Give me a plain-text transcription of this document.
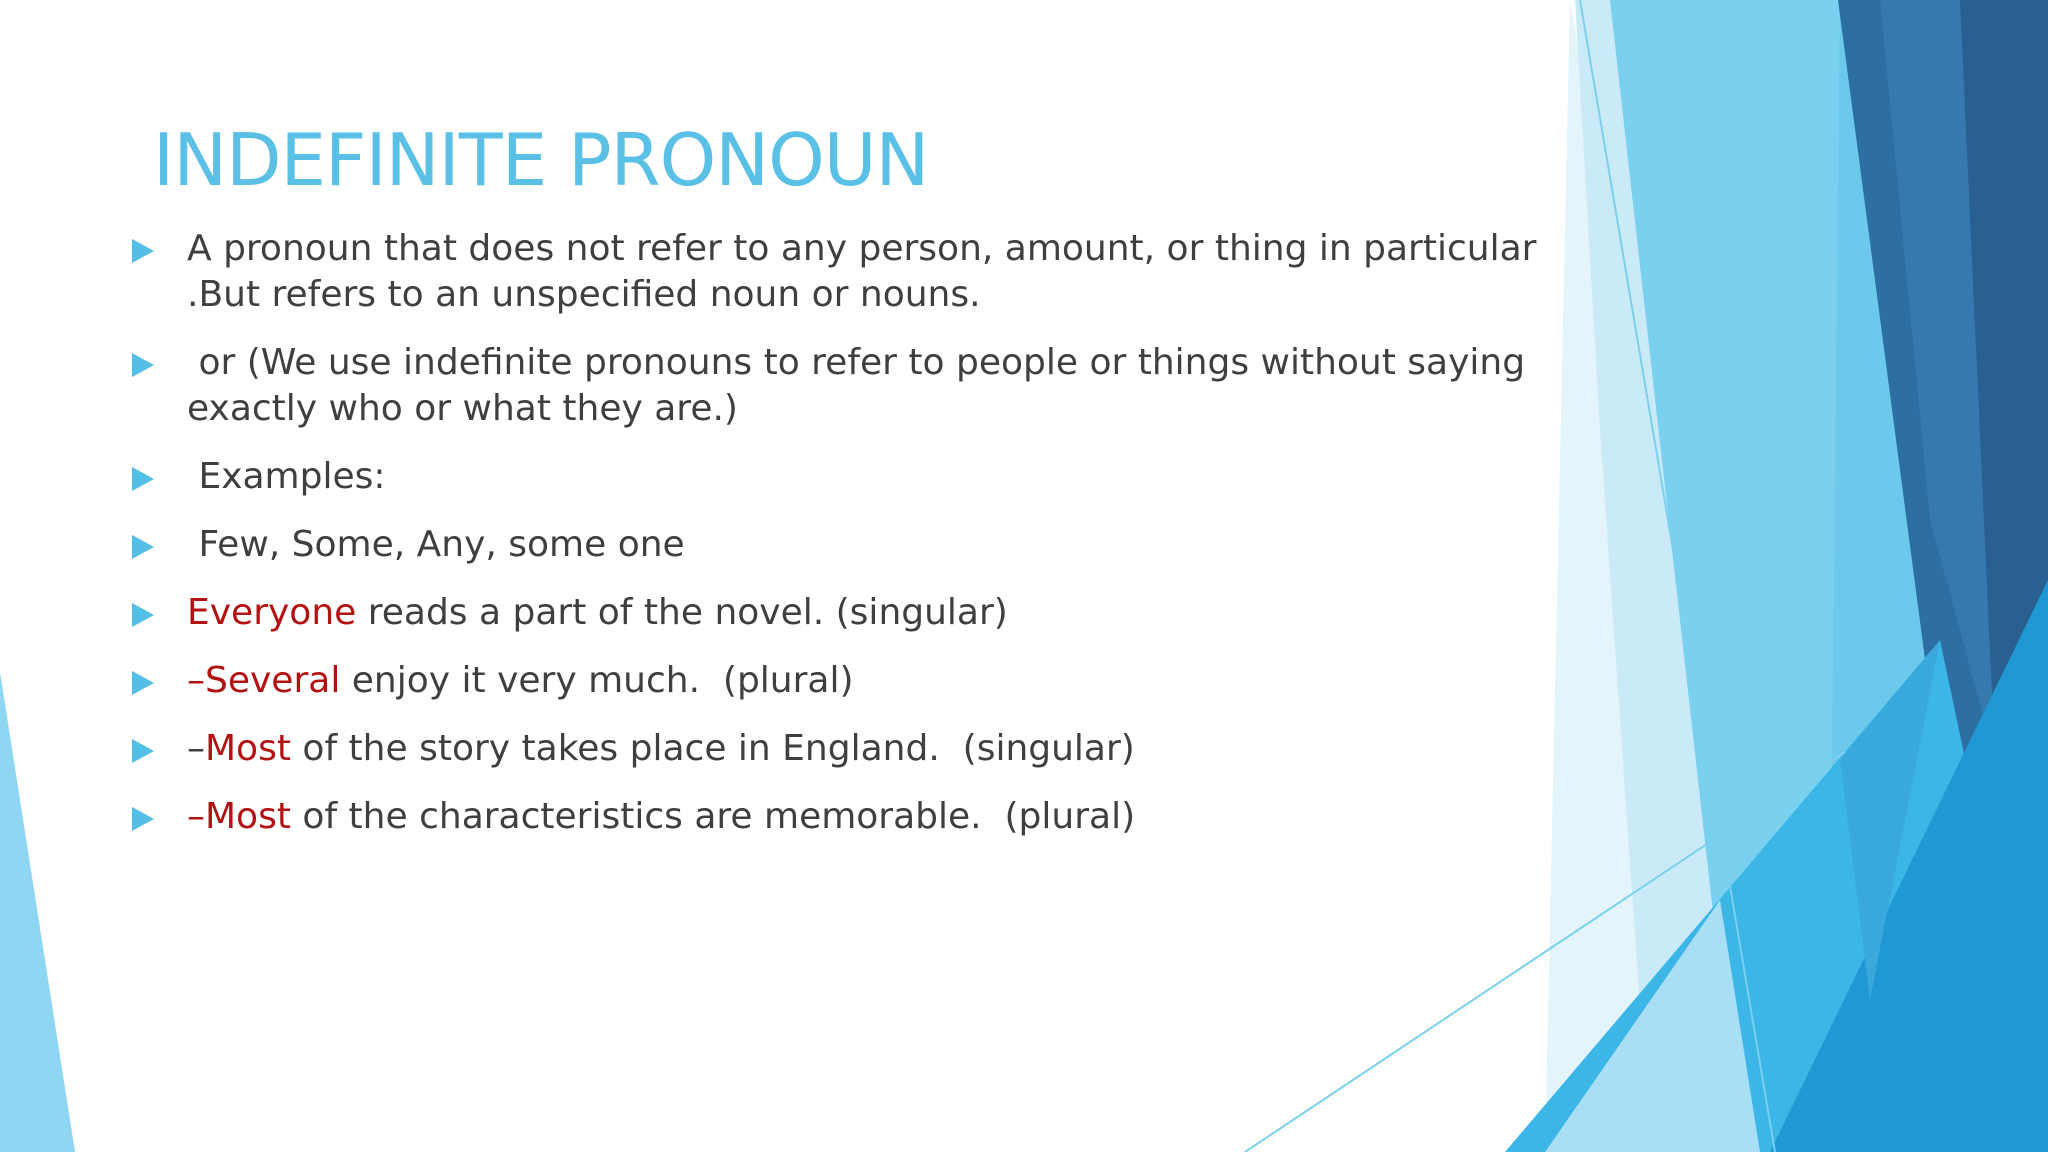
INDEFINITE PRONOUN
A pronoun that does not refer to any person, amount, or thing in particular
.But refers to an unspecified noun or nouns.
or (We use indefinite pronouns to refer to people or things without saying
exactly who or what they are.)
Examples:
Few, Some, Any, some one
Everyone reads a part of the novel. (singular)
–Several enjoy it very much.  (plural)
–Most of the story takes place in England.  (singular)
–Most of the characteristics are memorable.  (plural)
